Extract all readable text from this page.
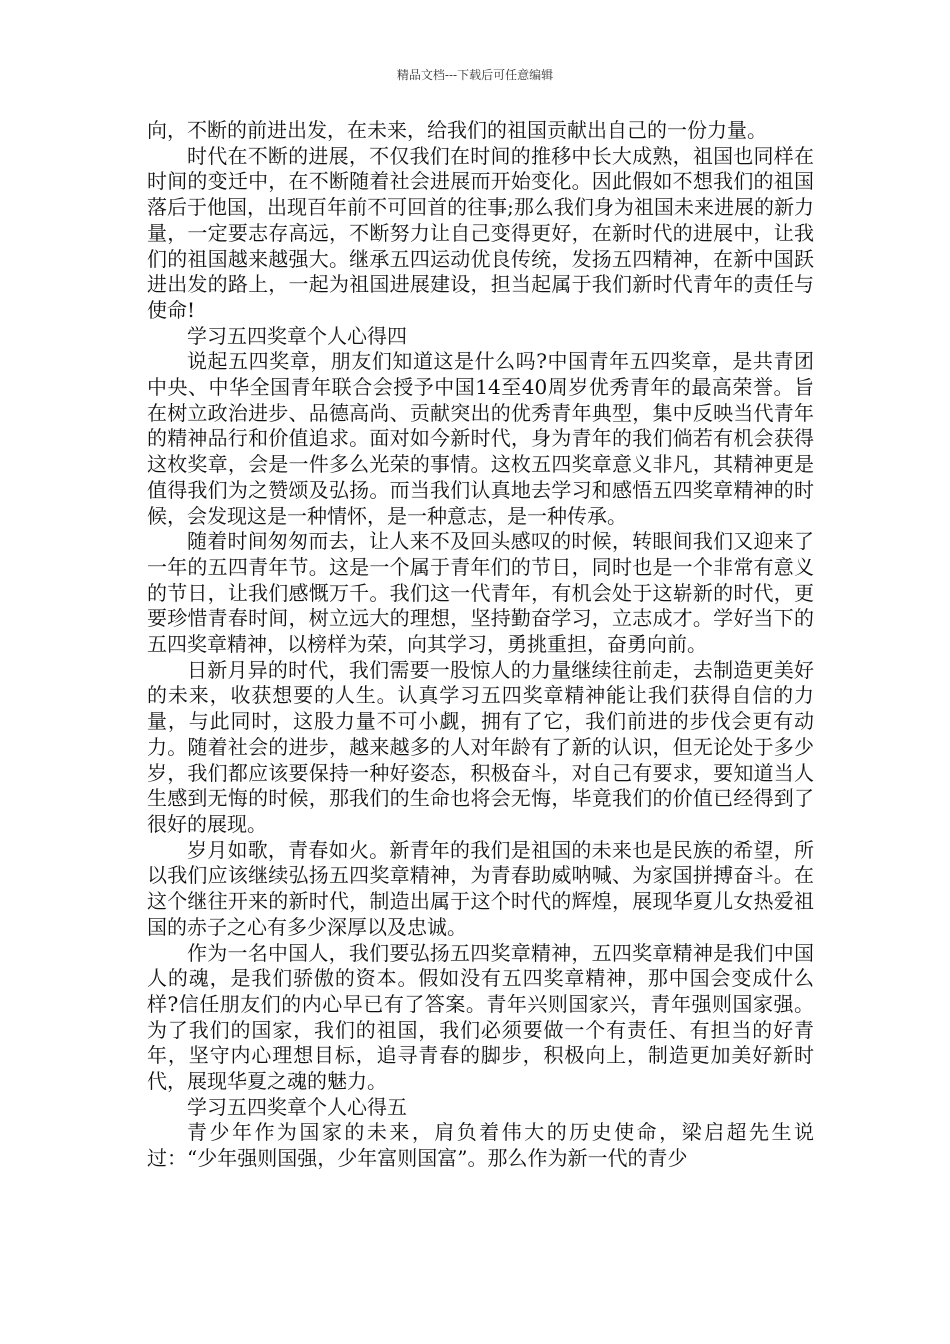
精品文档---下载后可任意编辑

向，不断的前进出发，在未来，给我们的祖国贡献出自己的一份力量。

时代在不断的进展，不仅我们在时间的推移中长大成熟，祖国也同样在时间的变迁中，在不断随着社会进展而开始变化。因此假如不想我们的祖国落后于他国，出现百年前不可回首的往事;那么我们身为祖国未来进展的新力量，一定要志存高远，不断努力让自己变得更好，在新时代的进展中，让我们的祖国越来越强大。继承五四运动优良传统，发扬五四精神，在新中国跃进出发的路上，一起为祖国进展建设，担当起属于我们新时代青年的责任与使命!

学习五四奖章个人心得四

说起五四奖章，朋友们知道这是什么吗?中国青年五四奖章，是共青团中央、中华全国青年联合会授予中国14至40周岁优秀青年的最高荣誉。旨在树立政治进步、品德高尚、贡献突出的优秀青年典型，集中反映当代青年的精神品行和价值追求。面对如今新时代，身为青年的我们倘若有机会获得这枚奖章，会是一件多么光荣的事情。这枚五四奖章意义非凡，其精神更是值得我们为之赞颂及弘扬。而当我们认真地去学习和感悟五四奖章精神的时候，会发现这是一种情怀，是一种意志，是一种传承。

随着时间匆匆而去，让人来不及回头感叹的时候，转眼间我们又迎来了一年的五四青年节。这是一个属于青年们的节日，同时也是一个非常有意义的节日，让我们感慨万千。我们这一代青年，有机会处于这崭新的时代，更要珍惜青春时间，树立远大的理想，坚持勤奋学习，立志成才。学好当下的五四奖章精神，以榜样为荣，向其学习，勇挑重担，奋勇向前。

日新月异的时代，我们需要一股惊人的力量继续往前走，去制造更美好的未来，收获想要的人生。认真学习五四奖章精神能让我们获得自信的力量，与此同时，这股力量不可小觑，拥有了它，我们前进的步伐会更有动力。随着社会的进步，越来越多的人对年龄有了新的认识，但无论处于多少岁，我们都应该要保持一种好姿态，积极奋斗，对自己有要求，要知道当人生感到无悔的时候，那我们的生命也将会无悔，毕竟我们的价值已经得到了很好的展现。

岁月如歌，青春如火。新青年的我们是祖国的未来也是民族的希望，所以我们应该继续弘扬五四奖章精神，为青春助威呐喊、为家国拼搏奋斗。在这个继往开来的新时代，制造出属于这个时代的辉煌，展现华夏儿女热爱祖国的赤子之心有多少深厚以及忠诚。

作为一名中国人，我们要弘扬五四奖章精神，五四奖章精神是我们中国人的魂，是我们骄傲的资本。假如没有五四奖章精神，那中国会变成什么样?信任朋友们的内心早已有了答案。青年兴则国家兴，青年强则国家强。为了我们的国家，我们的祖国，我们必须要做一个有责任、有担当的好青年，坚守内心理想目标，追寻青春的脚步，积极向上，制造更加美好新时代，展现华夏之魂的魅力。

学习五四奖章个人心得五

青少年作为国家的未来，肩负着伟大的历史使命，梁启超先生说过：“少年强则国强，少年富则国富”。那么作为新一代的青少
